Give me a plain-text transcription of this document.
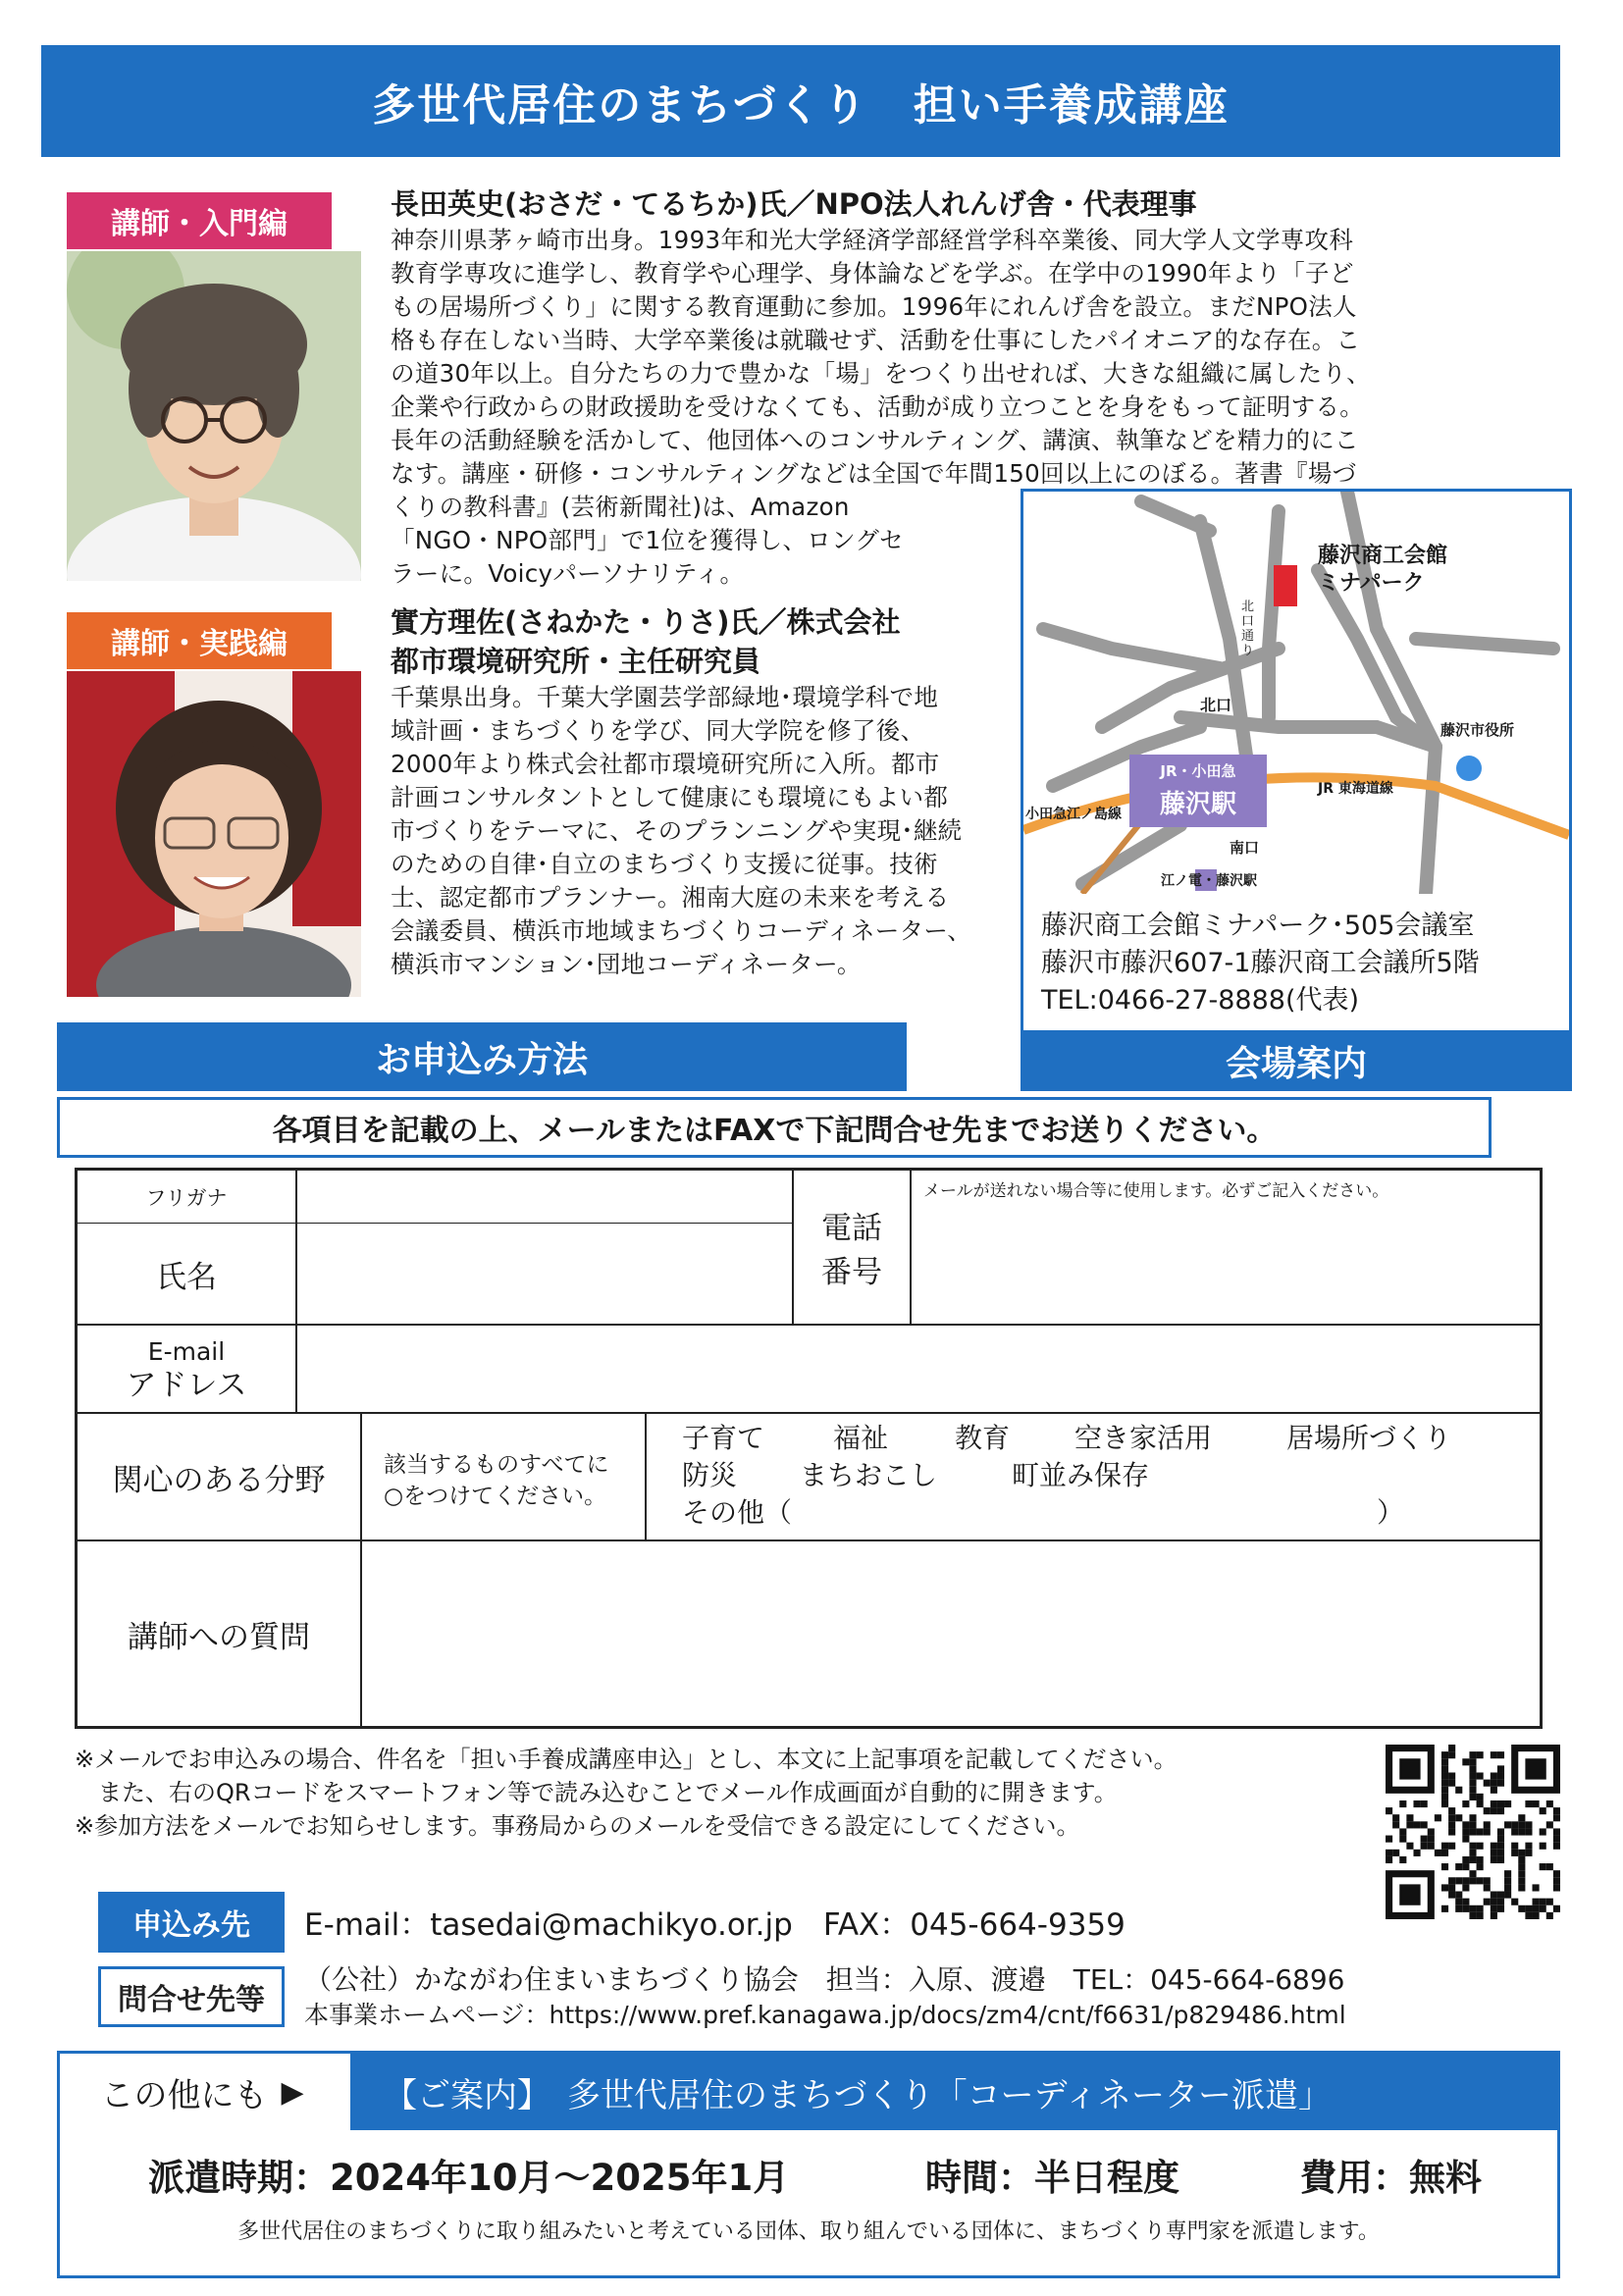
多世代居住のまちづくり　担い手養成講座
講師・入門編
長田英史(おさだ・てるちか)氏／NPO法人れんげ舎・代表理事
神奈川県茅ヶ崎市出身。1993年和光大学経済学部経営学科卒業後、同大学人文学専攻科
教育学専攻に進学し、教育学や心理学、身体論などを学ぶ。在学中の1990年より「子ど
もの居場所づくり」に関する教育運動に参加。1996年にれんげ舎を設立。まだNPO法人
格も存在しない当時、大学卒業後は就職せず、活動を仕事にしたパイオニア的な存在。こ
の道30年以上。自分たちの力で豊かな「場」をつくり出せれば、大きな組織に属したり、
企業や行政からの財政援助を受けなくても、活動が成り立つことを身をもって証明する。
長年の活動経験を活かして、他団体へのコンサルティング、講演、執筆などを精力的にこ
なす。講座・研修・コンサルティングなどは全国で年間150回以上にのぼる。著書『場づ
くりの教科書』(芸術新聞社)は、Amazon
「NGO・NPO部門」で1位を獲得し、ロングセ
ラーに。Voicyパーソナリティ。
講師・実践編
實方理佐(さねかた・りさ)氏／株式会社
都市環境研究所・主任研究員
千葉県出身。千葉大学園芸学部緑地･環境学科で地
域計画・まちづくりを学び、同大学院を修了後、
2000年より株式会社都市環境研究所に入所。都市
計画コンサルタントとして健康にも環境にもよい都
市づくりをテーマに、そのプランニングや実現･継続
のための自律･自立のまちづくり支援に従事。技術
士、認定都市プランナー。湘南大庭の未来を考える
会議委員、横浜市地域まちづくりコーディネーター、
横浜市マンション･団地コーディネーター。
藤沢商工会館
ミナパーク
北口通り
北口
藤沢市役所
JR・小田急
藤沢駅
JR 東海道線
小田急江ノ島線
南口
江ノ電・藤沢駅
藤沢商工会館ミナパーク･505会議室
藤沢市藤沢607-1藤沢商工会議所5階
TEL:0466-27-8888(代表)
会場案内
お申込み方法
各項目を記載の上、メールまたはFAXで下記問合せ先までお送りください。
フリガナ
氏名
電話番号
メールが送れない場合等に使用します。必ずご記入ください。
E-mail
アドレス
関心のある分野	該当するものすべてに
○をつけてください。
子育て	福祉	教育	空き家活用	居場所づくり
防災	まちおこし	町並み保存
その他（	）
講師への質問
※メールでお申込みの場合、件名を「担い手養成講座申込」とし、本文に上記事項を記載してください。
　また、右のQRコードをスマートフォン等で読み込むことでメール作成画面が自動的に開きます。
※参加方法をメールでお知らせします。事務局からのメールを受信できる設定にしてください。
申込み先 E-mail：tasedai@machikyo.or.jp　FAX：045-664-9359
問合せ先等
（公社）かながわ住まいまちづくり協会　担当：入原、渡邉　TEL：045-664-6896
本事業ホームページ：https://www.pref.kanagawa.jp/docs/zm4/cnt/f6631/p829486.html
この他にも ▶ 【ご案内】　多世代居住のまちづくり「コーディネーター派遣」
派遣時期：2024年10月～2025年1月	時間：半日程度	費用：無料
多世代居住のまちづくりに取り組みたいと考えている団体、取り組んでいる団体に、まちづくり専門家を派遣します。
